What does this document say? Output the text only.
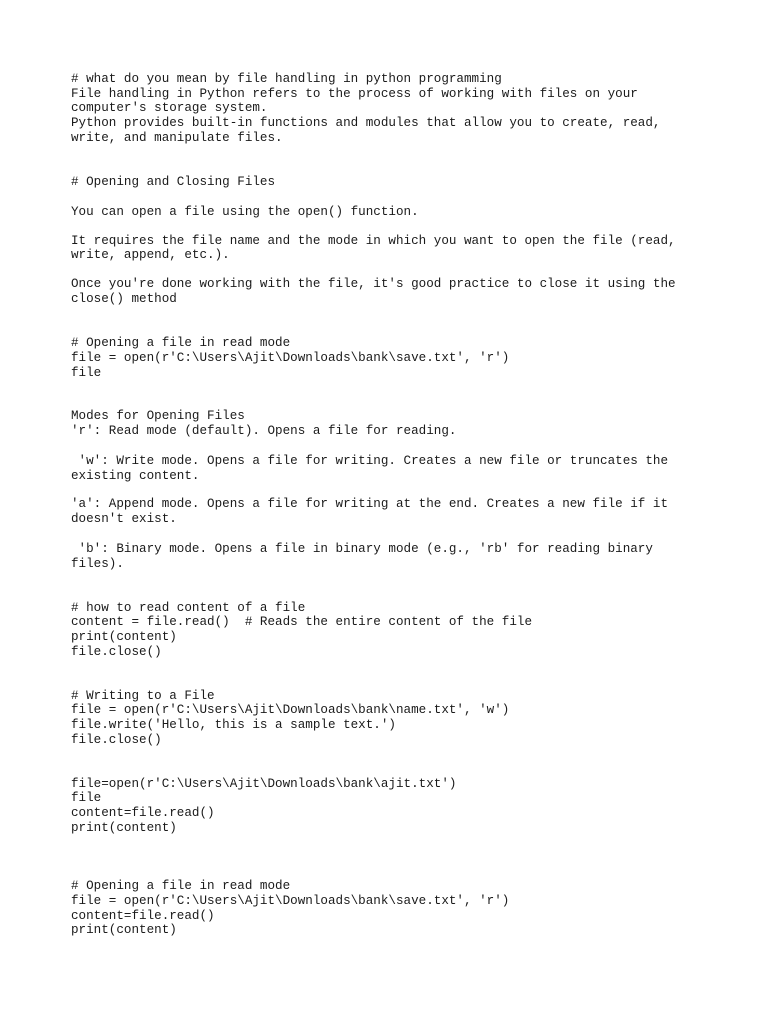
# what do you mean by file handling in python programming

File handling in Python refers to the process of working with files on your

computer's storage system.

Python provides built-in functions and modules that allow you to create, read,

write, and manipulate files.

# Opening and Closing Files

You can open a file using the open() function.

It requires the file name and the mode in which you want to open the file (read,

write, append, etc.).

Once you're done working with the file, it's good practice to close it using the

close() method

# Opening a file in read mode

file = open(r'C:\Users\Ajit\Downloads\bank\save.txt', 'r')

file

Modes for Opening Files

'r': Read mode (default). Opens a file for reading.

'w': Write mode. Opens a file for writing. Creates a new file or truncates the

existing content.

'a': Append mode. Opens a file for writing at the end. Creates a new file if it

doesn't exist.

'b': Binary mode. Opens a file in binary mode (e.g., 'rb' for reading binary

files).

# how to read content of a file

content = file.read()  # Reads the entire content of the file

print(content)

file.close()

# Writing to a File

file = open(r'C:\Users\Ajit\Downloads\bank\name.txt', 'w')

file.write('Hello, this is a sample text.')

file.close()

file=open(r'C:\Users\Ajit\Downloads\bank\ajit.txt')

file

content=file.read()

print(content)

# Opening a file in read mode

file = open(r'C:\Users\Ajit\Downloads\bank\save.txt', 'r')

content=file.read()

print(content)
